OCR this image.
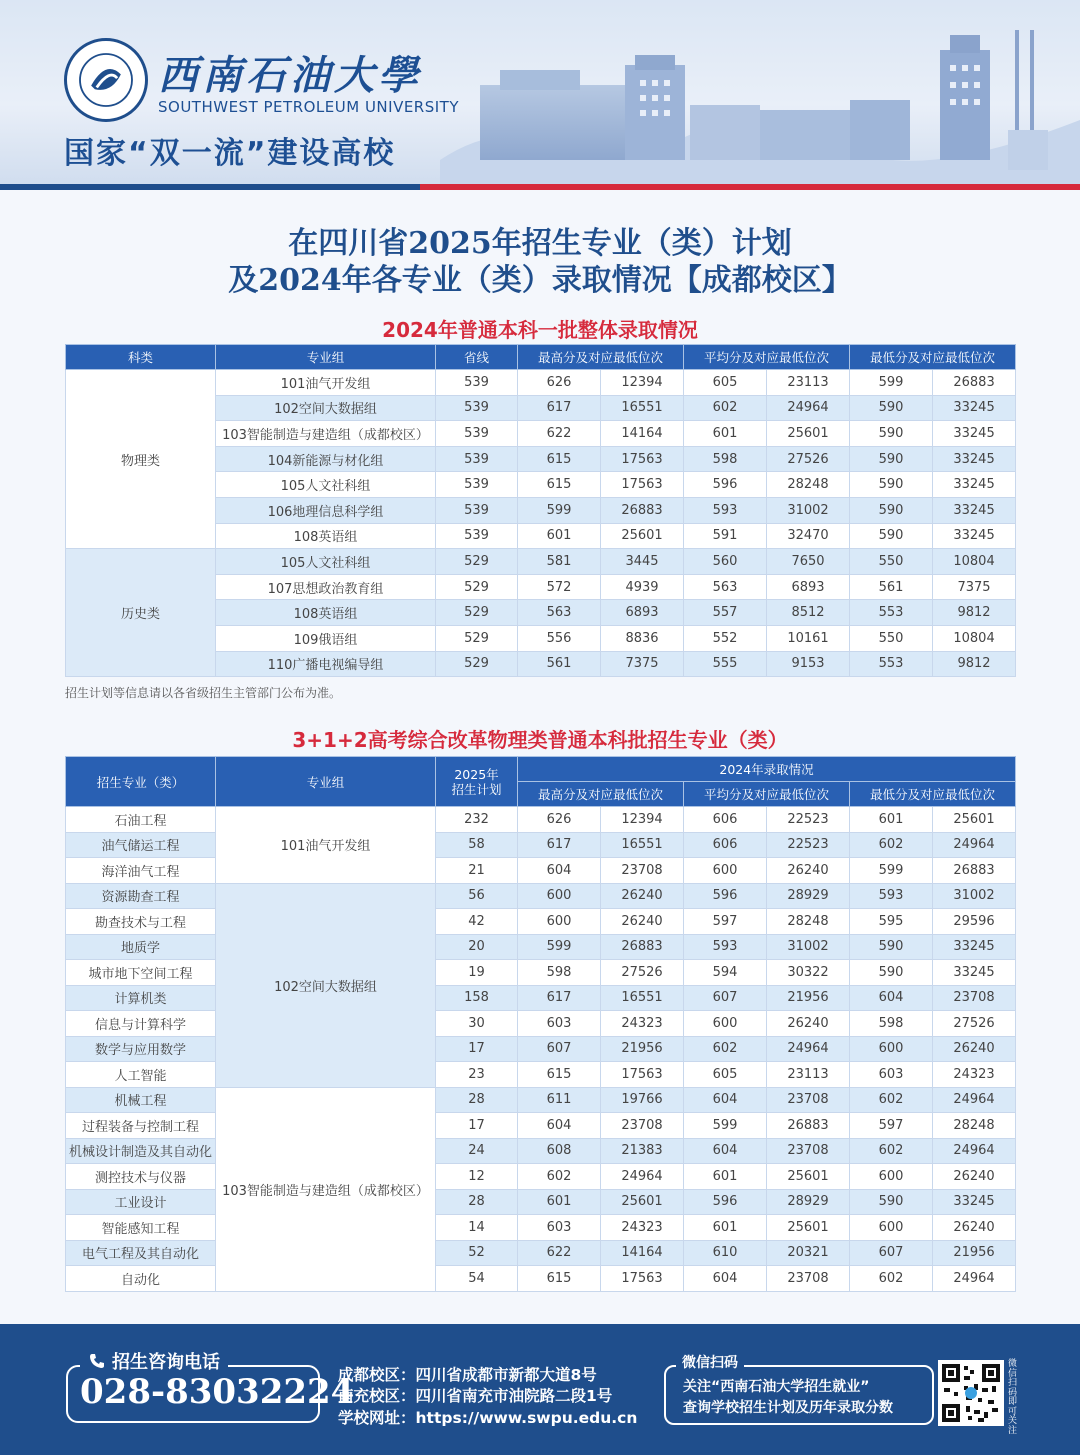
西南石油大學
SOUTHWEST PETROLEUM UNIVERSITY
国家“双一流”建设高校
在四川省2025年招生专业（类）计划
及2024年各专业（类）录取情况【成都校区】
2024年普通本科一批整体录取情况
科类	专业组	省线	最高分及对应最低位次		平均分及对应最低位次		最低分及对应最低位次	
物理类	101油气开发组	539	626	12394	605	23113	599	26883
	102空间大数据组	539	617	16551	602	24964	590	33245
	103智能制造与建造组（成都校区）	539	622	14164	601	25601	590	33245
	104新能源与材化组	539	615	17563	598	27526	590	33245
	105人文社科组	539	615	17563	596	28248	590	33245
	106地理信息科学组	539	599	26883	593	31002	590	33245
	108英语组	539	601	25601	591	32470	590	33245
历史类	105人文社科组	529	581	3445	560	7650	550	10804
	107思想政治教育组	529	572	4939	563	6893	561	7375
	108英语组	529	563	6893	557	8512	553	9812
	109俄语组	529	556	8836	552	10161	550	10804
	110广播电视编导组	529	561	7375	555	9153	553	9812
招生计划等信息请以各省级招生主管部门公布为准。
3+1+2高考综合改革物理类普通本科批招生专业（类）
招生专业（类）	专业组	2025年招生计划	2024年录取情况					
			最高分及对应最低位次		平均分及对应最低位次		最低分及对应最低位次	
石油工程	101油气开发组	232	626	12394	606	22523	601	25601
油气储运工程		58	617	16551	606	22523	602	24964
海洋油气工程		21	604	23708	600	26240	599	26883
资源勘查工程	102空间大数据组	56	600	26240	596	28929	593	31002
勘查技术与工程		42	600	26240	597	28248	595	29596
地质学		20	599	26883	593	31002	590	33245
城市地下空间工程		19	598	27526	594	30322	590	33245
计算机类		158	617	16551	607	21956	604	23708
信息与计算科学		30	603	24323	600	26240	598	27526
数学与应用数学		17	607	21956	602	24964	600	26240
人工智能		23	615	17563	605	23113	603	24323
机械工程	103智能制造与建造组（成都校区）	28	611	19766	604	23708	602	24964
过程装备与控制工程		17	604	23708	599	26883	597	28248
机械设计制造及其自动化		24	608	21383	604	23708	602	24964
测控技术与仪器		12	602	24964	601	25601	600	26240
工业设计		28	601	25601	596	28929	590	33245
智能感知工程		14	603	24323	601	25601	600	26240
电气工程及其自动化		52	622	14164	610	20321	607	21956
自动化		54	615	17563	604	23708	602	24964
招生咨询电话
028-83032224
成都校区：四川省成都市新都大道8号
南充校区：四川省南充市油院路二段1号
学校网址：https://www.swpu.edu.cn
微信扫码
关注“西南石油大学招生就业”
查询学校招生计划及历年录取分数
微信扫码即可关注
